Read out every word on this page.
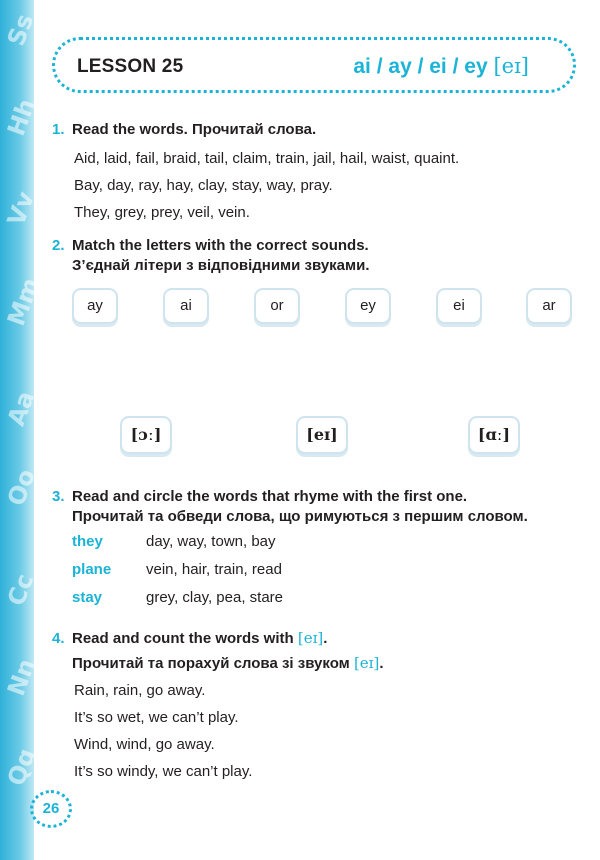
Ss
Hh
Vv
Mm
Aa
Oo
Cc
Nn
Qq
LESSON 25	ai / ay / ei / ey [eɪ]
1. Read the words. Прочитай слова.
Aid, laid, fail, braid, tail, claim, train, jail, hail, waist, quaint.
Bay, day, ray, hay, clay, stay, way, pray.
They, grey, prey, veil, vein.
2. Match the letters with the correct sounds.
З’єднай літери з відповідними звуками.
ay	ai	or	ey	ei	ar
[ɔː]	[eɪ]	[ɑː]
3. Read and circle the words that rhyme with the first one.
Прочитай та обведи слова, що римуються з першим словом.
they	day, way, town, bay
plane vein, hair, train, read
stay	grey, clay, pea, stare
4. Read and count the words with [eɪ].
Прочитай та порахуй слова зі звуком [eɪ].
Rain, rain, go away.
It’s so wet, we can’t play.
Wind, wind, go away.
It’s so windy, we can’t play.
26
